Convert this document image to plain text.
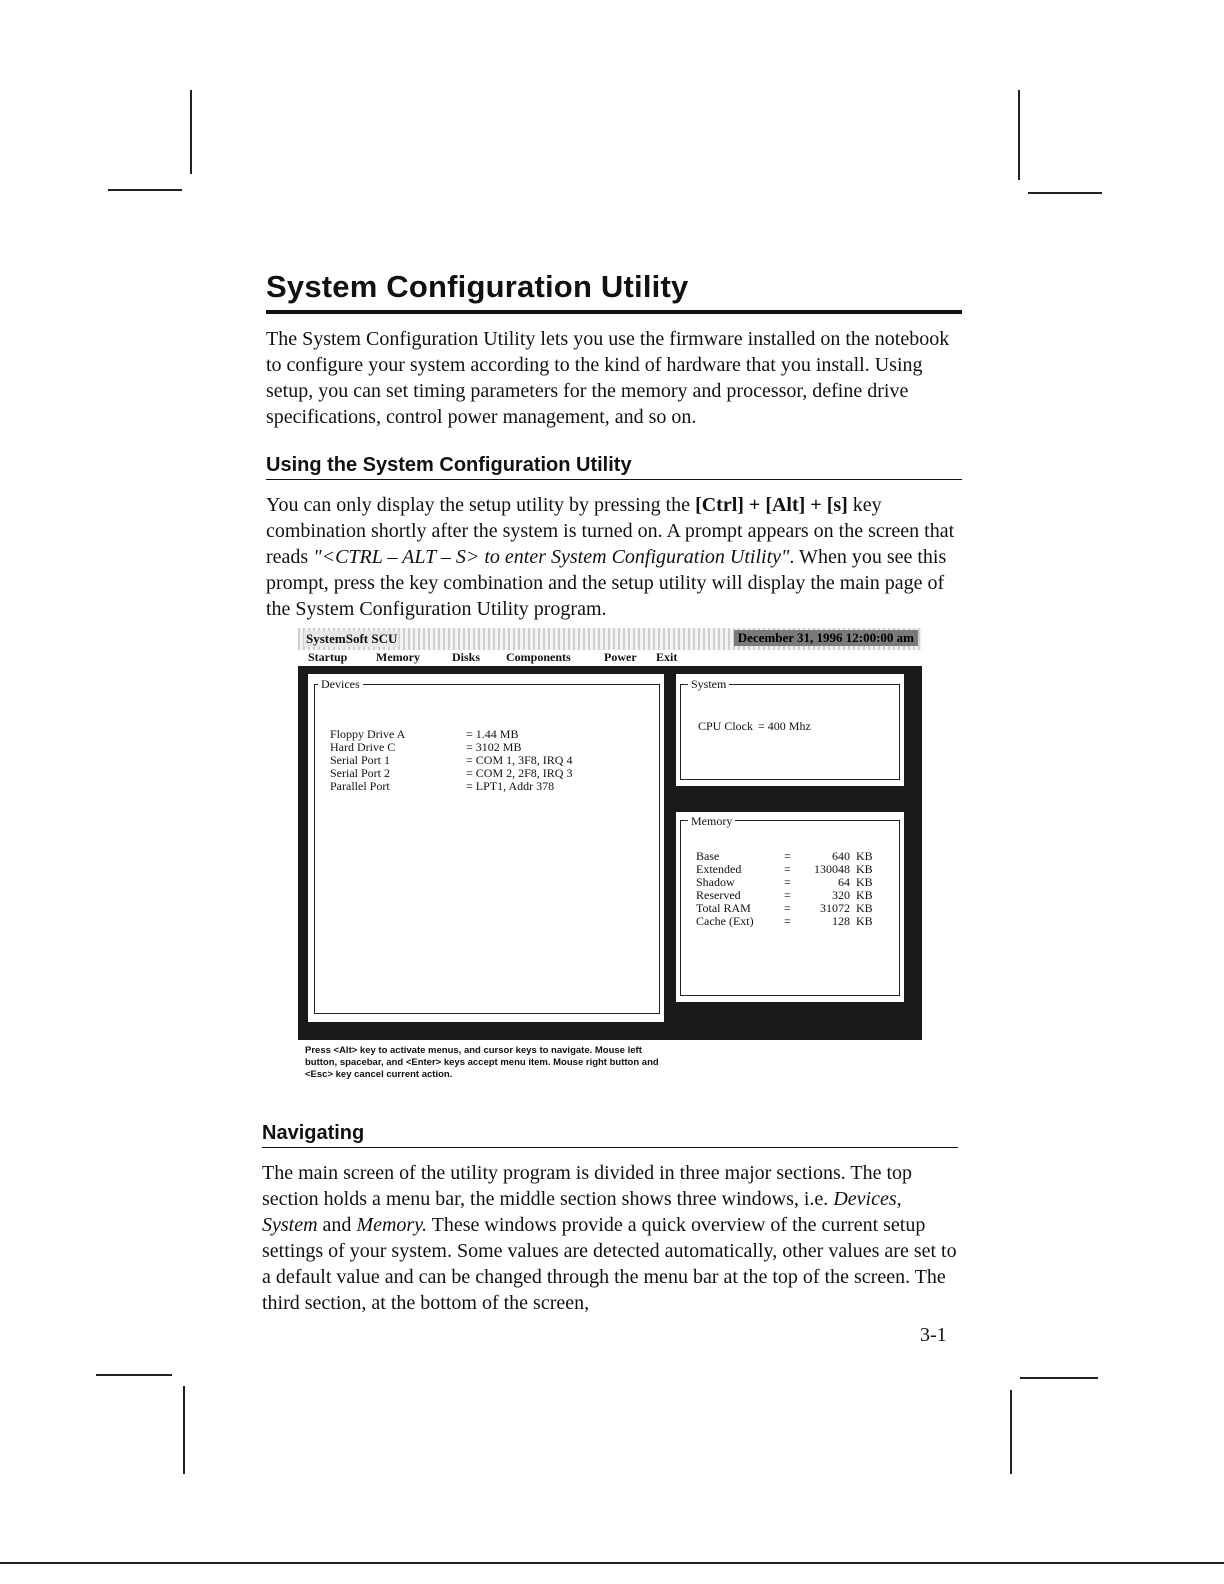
System Configuration Utility

The System Configuration Utility lets you use the firmware installed on the notebook to configure your system according to the kind of hardware that you install. Using setup, you can set timing parameters for the memory and processor, define drive specifications, control power management, and so on.

Using the System Configuration Utility

You can only display the setup utility by pressing the [Ctrl] + [Alt] + [s] key combination shortly after the system is turned on. A prompt appears on the screen that reads "<CTRL – ALT – S> to enter System Configuration Utility". When you see this prompt, press the key combination and the setup utility will display the main page of the System Configuration Utility program.

SystemSoft SCU	December 31, 1996 12:00:00 am
Startup Memory	Disks Components	Power Exit
Devices
Floppy Drive A	= 1.44 MB
Hard Drive C	= 3102 MB
Serial Port 1	= COM 1, 3F8, IRQ 4
Serial Port 2	= COM 2, 2F8, IRQ 3
Parallel Port	= LPT1, Addr 378
System
CPU Clock = 400 Mhz
Memory
Base	=	640 KB
Extended	=	130048 KB
Shadow	=	64 KB
Reserved	=	320 KB
Total RAM	=	31072 KB
Cache (Ext)	=	128 KB
Press <Alt> key to activate menus, and cursor keys to navigate. Mouse left
button, spacebar, and <Enter> keys accept menu item. Mouse right button and
<Esc> key cancel current action.
Navigating

The main screen of the utility program is divided in three major sections. The top section holds a menu bar, the middle section shows three windows, i.e. Devices, System and Memory. These windows provide a quick overview of the current setup settings of your system. Some values are detected automatically, other values are set to a default value and can be changed through the menu bar at the top of the screen. The third section, at the bottom of the screen,

3-1
